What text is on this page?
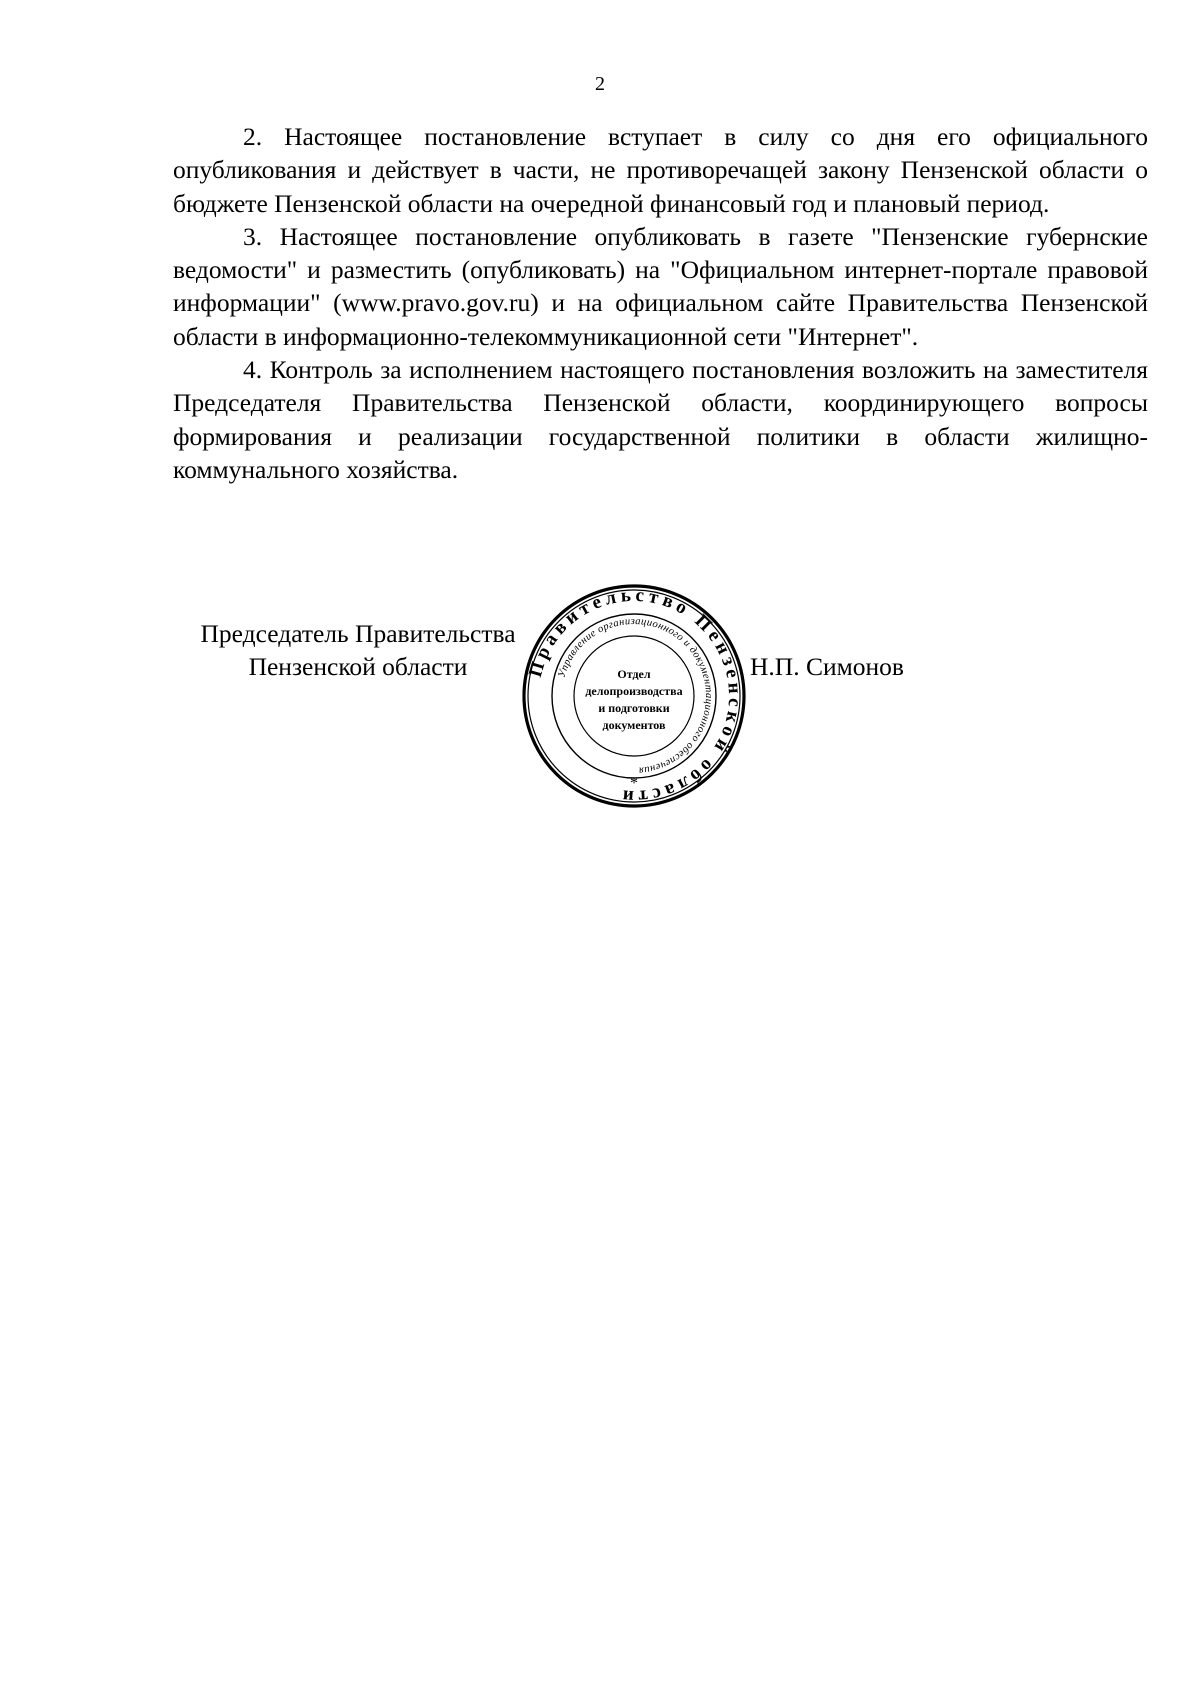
2

2. Настоящее постановление вступает в силу со дня его официального опубликования и действует в части, не противоречащей закону Пензенской области о бюджете Пензенской области на очередной финансовый год и плановый период.

3. Настоящее постановление опубликовать в газете "Пензенские губернские ведомости" и разместить (опубликовать) на "Официальном интернет-портале правовой информации" (www.pravo.gov.ru) и на официальном сайте Правительства Пензенской области в информационно-телекоммуникационной сети "Интернет".

4. Контроль за исполнением настоящего постановления возложить на заместителя Председателя Правительства Пензенской области, координирующего вопросы формирования и реализации государственной политики в области жилищно-коммунального хозяйства.

Председатель Правительства
Пензенской области	Н.П. Симонов
Правительство Пензенской области
Управление организационного и документационного обеспечения
*
Отдел
делопроизводства
и подготовки
документов
